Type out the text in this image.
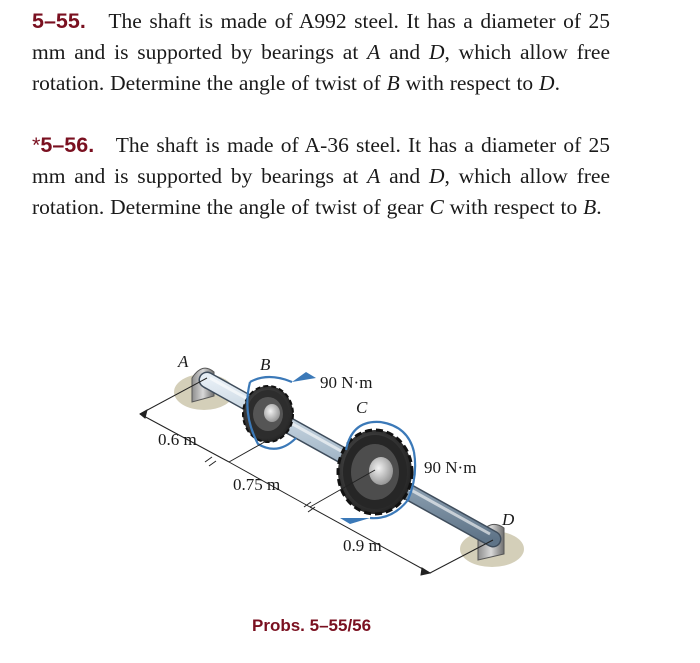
5–55. The shaft is made of A992 steel. It has a diameter of 25 mm and is supported by bearings at A and D, which allow free rotation. Determine the angle of twist of B with respect to D.
*5–56. The shaft is made of A-36 steel. It has a diameter of 25 mm and is supported by bearings at A and D, which allow free rotation. Determine the angle of twist of gear C with respect to B.
A	B
90 N·m
C
90 N·m
D
0.6 m
0.75 m
0.9 m
Probs. 5–55/56
